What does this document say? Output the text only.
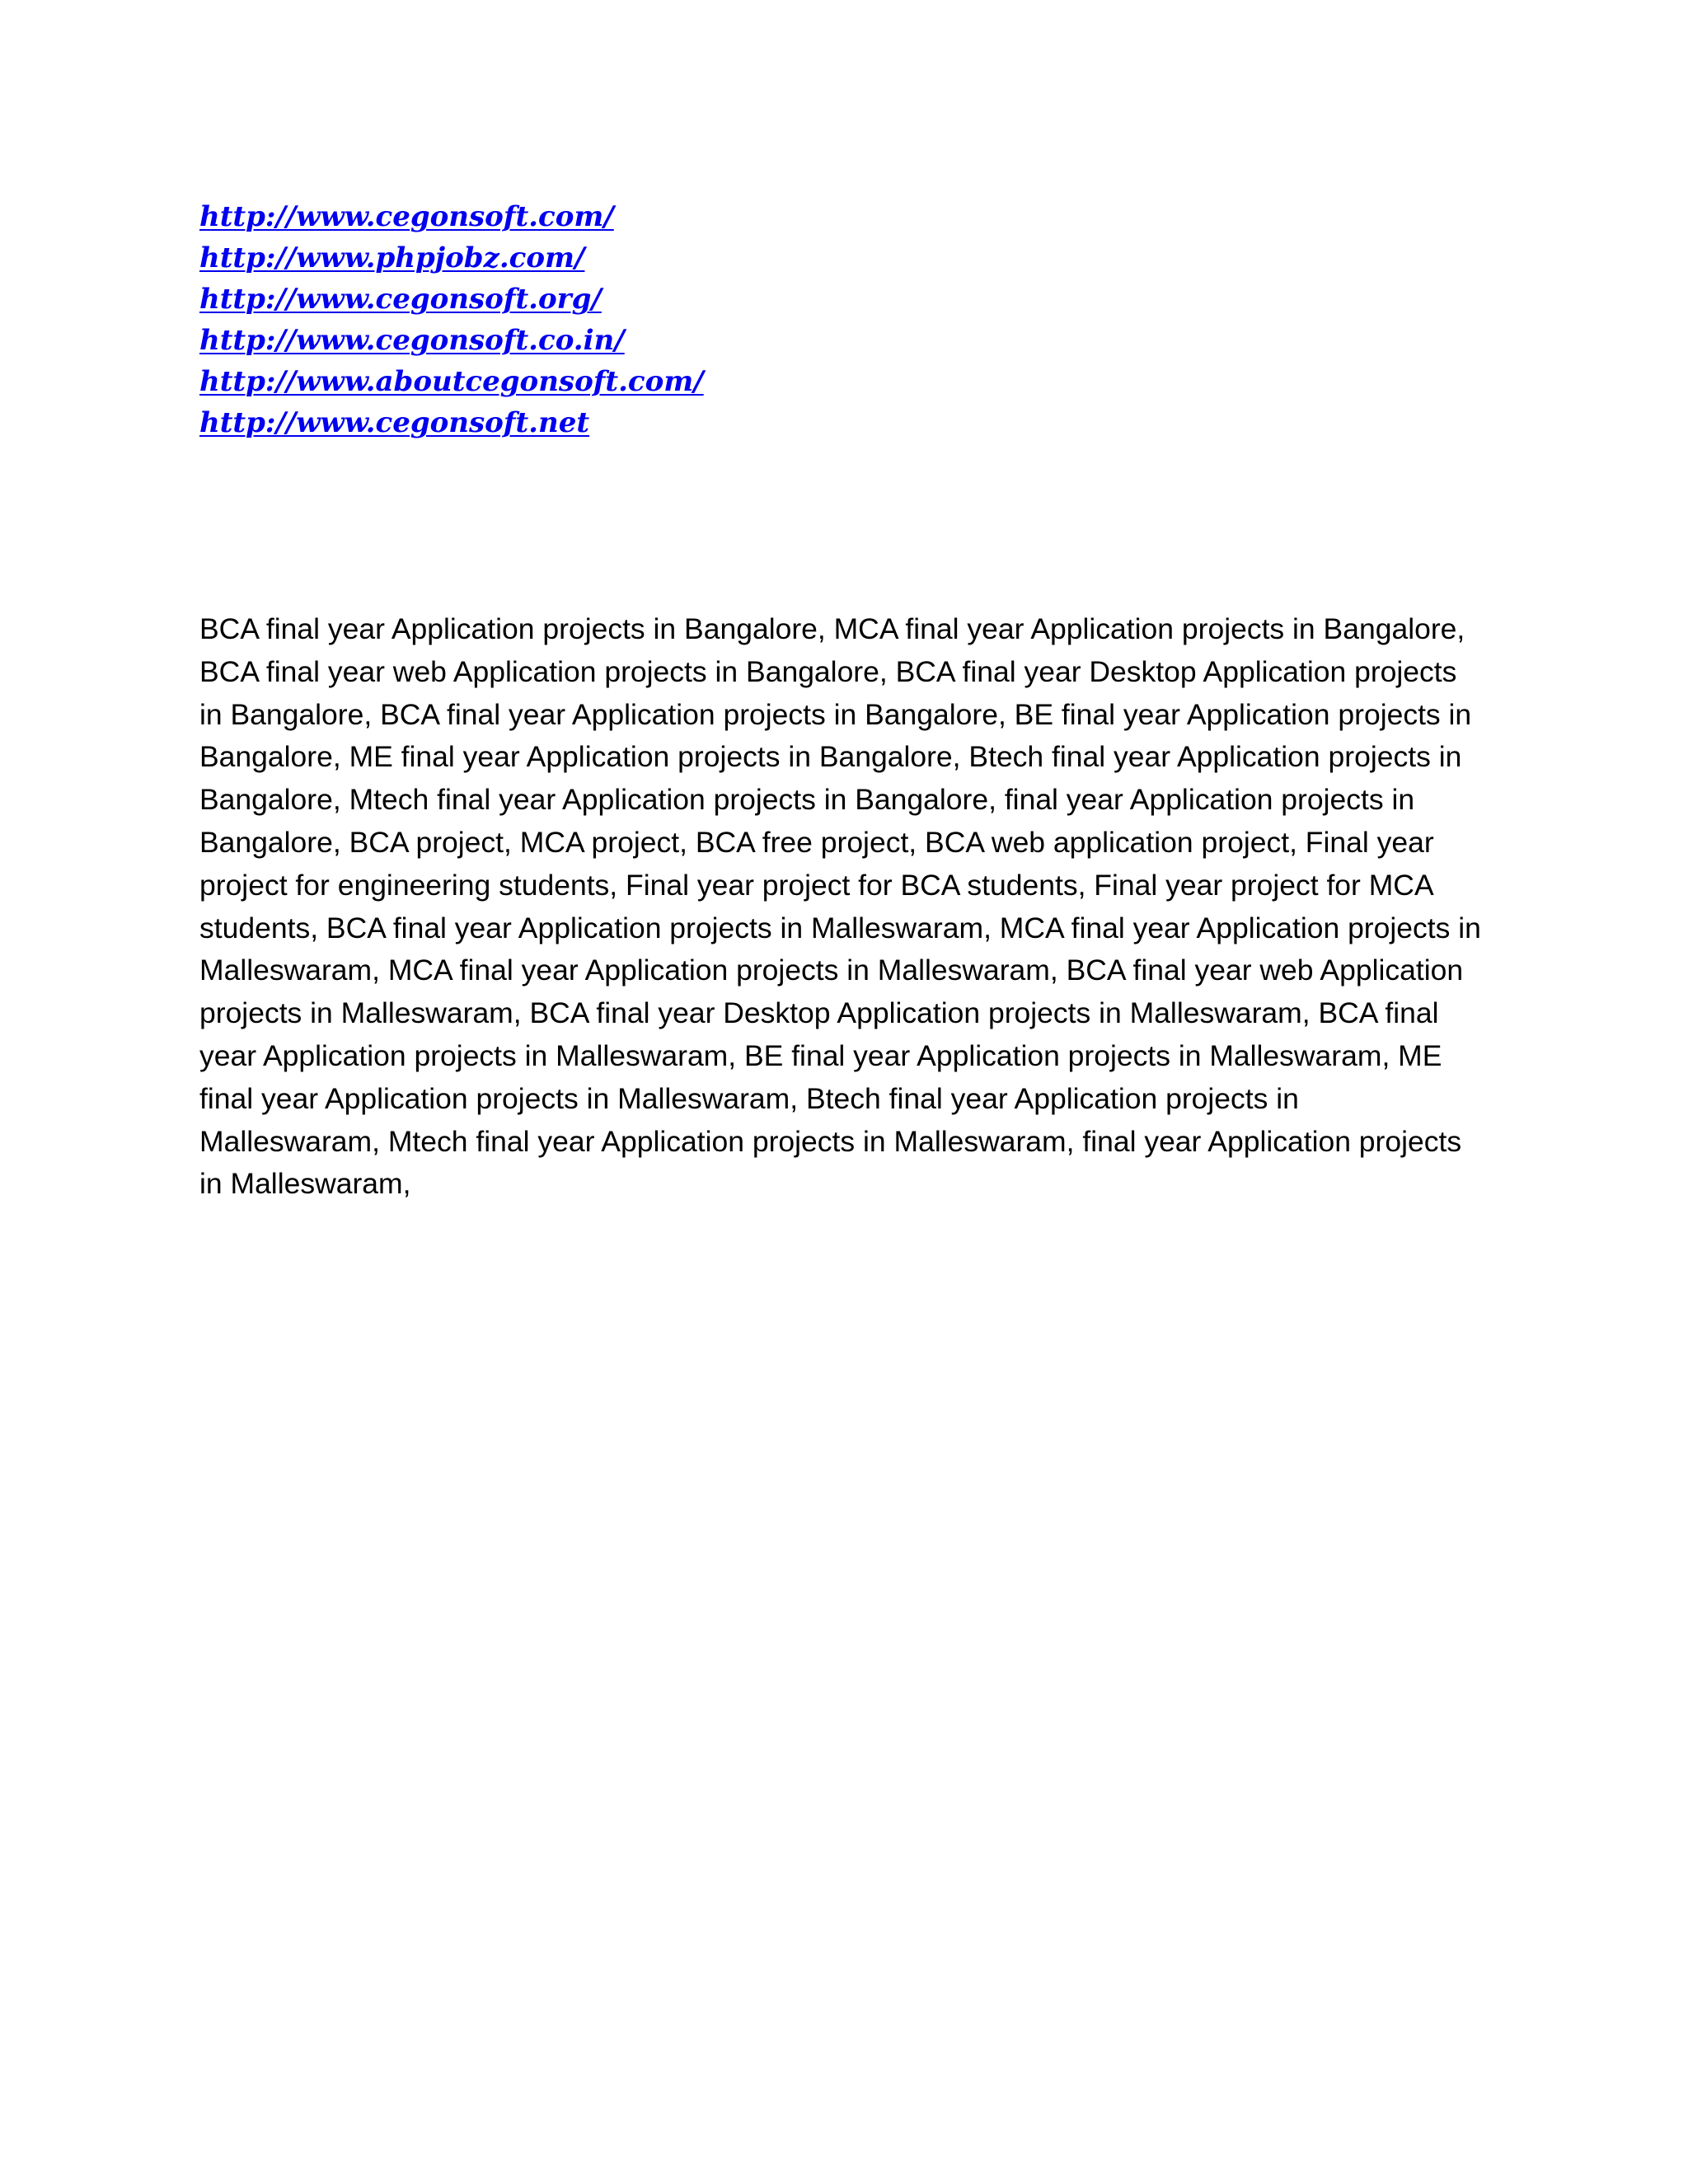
http://www.cegonsoft.com/
http://www.phpjobz.com/
http://www.cegonsoft.org/
http://www.cegonsoft.co.in/
http://www.aboutcegonsoft.com/
http://www.cegonsoft.net

BCA final year Application projects in Bangalore, MCA final year Application projects in Bangalore, BCA final year web Application projects in Bangalore, BCA final year Desktop Application projects in Bangalore, BCA final year Application projects in Bangalore, BE final year Application projects in Bangalore, ME final year Application projects in Bangalore, Btech final year Application projects in Bangalore, Mtech final year Application projects in Bangalore, final year Application projects in Bangalore, BCA project, MCA project, BCA free project, BCA web application project, Final year project for engineering students, Final year project for BCA students, Final year project for MCA students, BCA final year Application projects in Malleswaram, MCA final year Application projects in Malleswaram, MCA final year Application projects in Malleswaram, BCA final year web Application projects in Malleswaram, BCA final year Desktop Application projects in Malleswaram, BCA final year Application projects in Malleswaram, BE final year Application projects in Malleswaram, ME final year Application projects in Malleswaram, Btech final year Application projects in Malleswaram, Mtech final year Application projects in Malleswaram, final year Application projects in Malleswaram,
